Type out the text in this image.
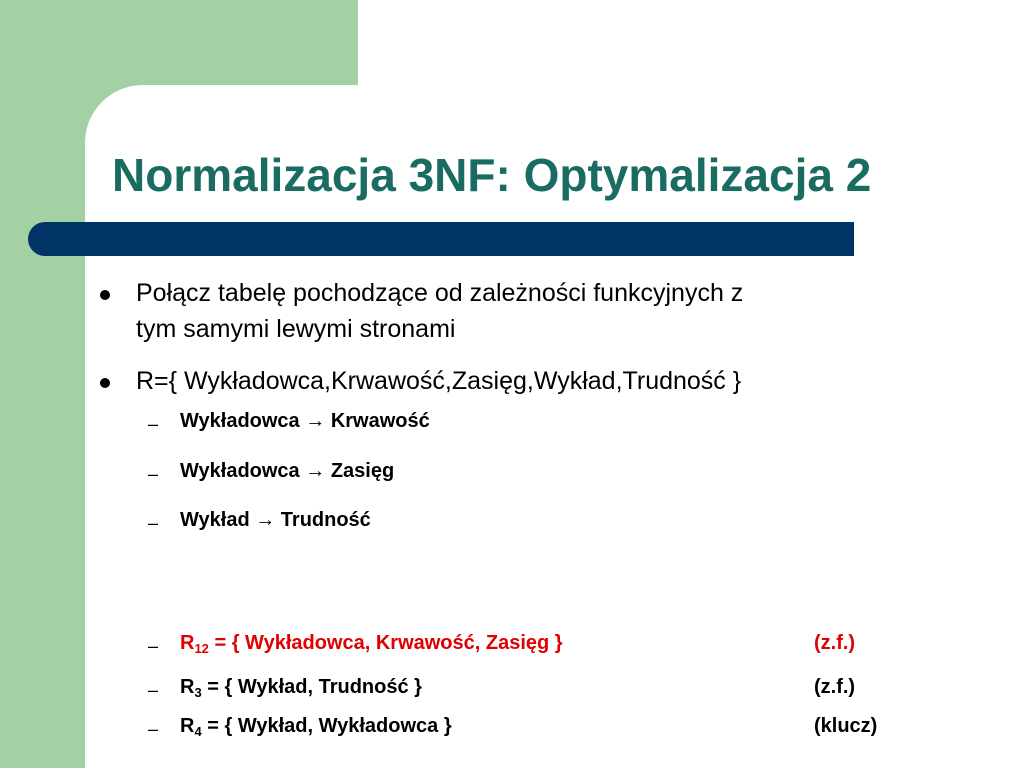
Normalizacja 3NF: Optymalizacja 2
Połącz tabelę pochodzące od zależności funkcyjnych z
tym samymi lewymi stronami
R={ Wykładowca,Krwawość,Zasięg,Wykład,Trudność }
– Wykładowca → Krwawość
– Wykładowca → Zasięg
– Wykład → Trudność
– $R_{12}$ = { Wykładowca, Krwawość, Zasięg }	(z.f.)
– $R_3$ = { Wykład, Trudność }	(z.f.)
– $R_4$ = { Wykład, Wykładowca }	(klucz)
